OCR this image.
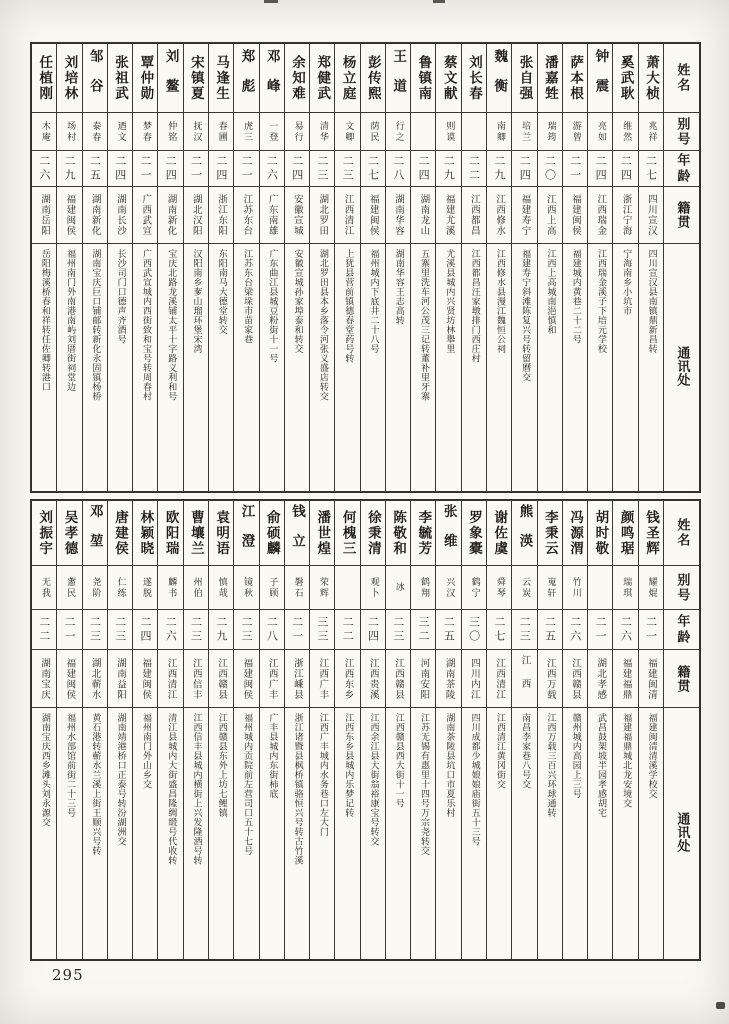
姓名
别号
年龄
籍贯
通讯处
萧大桢
兆祥
二七
四川宣汉
四川宣汉县南镇鼎新昌转
奚武耿
维然
二四
浙江宁海
宁海南乡小坑市
钟震
亮如
二四
江西瑞金
江西瑞金溪子下培元学校
萨本根
游曾
二一
福建闽侯
福建城内黄巷二十二号
潘嘉甡
瑞筠
二〇
江西上高
江西上高城南浥慎和
张自强
培兰
二四
福建寿宁
福建寿宁斜滩陈复兴号转留曆交
魏衡
南卿
二九
江西修水
江西修水县漫江魏恒公祠
刘长春
二二
江西都昌
江西都昌汪家墩排门西庄村
蔡文献
则谟
二九
福建尤溪
尤溪县城内兴贤坊林舉里
鲁镇南
二四
湖南龙山
五寨里洗车河公茂三记转董补里牙寨
王道
行之
二八
湖南华容
湖南华容王志高转
彭传熙
荫民
二七
福建闽侯
福州城内下底井二十八号
杨立庭
文卿
二三
江西清江
上犹县营前镇德春堂药号转
郑健武
清华
二三
湖北罗田
湖北罗田县本乡落令河张义盛店转交
余知难
易行
二四
安徽宣城
安徽宣城孙家埠泰和转交
邓峰
一登
二六
广东南雄
广东曲江县城豆粉街十一号
郑彪
虎三
二一
江苏东台
江苏东台梁垛市苗家巷
马逢生
春圃
二四
浙江东阳
东阳南马大德堂转交
宋镇夏
抚汉
二一
湖北汉阳
汉阳南乡奓山瑠环堡宋湾
刘鳌
仲铭
二四
湖南新化
宝庆北路龙溪铺太平十字路义利和号
覃仲勋
梦春
二一
广西武宣
广西武宣城内西街致和宝号转周春村
张祖武
迺文
二四
湖南长沙
长沙司门口德声齐酒号
邹谷
泰春
二五
湖南新化
湖南宝庆巨口铺邮转新化永固镇杨桥
刘培林
场村
二九
福建闽侯
福州南门外南港南屿刘厝街祠堂边
任植刚
木庵
二六
湖南岳阳
岳阳梅溪桥春和祥转任佐卿转港口
姓名
别号
年龄
籍贯
通讯处
钱圣辉
耀焜
二一
福建闽清
福建闽清清溪学校交
颜鸣琚
瑞琪
二六
福建福鼎
福建福鼎城北龙安境交
胡时敬
二一
湖北孝感
武昌鼓架坡半园孝感胡宅
冯源渭
竹川
二六
江西赣县
赣州城内高园上三号
李秉云
嵬轩
二五
江西万载
江西万载三百兴环球通转
熊渶
云炭
二三
江西
南昌李家巷八号交
谢佐虞
舜琴
二七
江西清江
江西清江黄冈街交
罗象橐
鹤宁
三〇
四川内江
四川成都少城娘娘庙街五十三号
张维
兴汉
二五
湖南茶陵
湖南茶陵县坑口市夏乐村
李毓芳
鹤翔
三二
河南安阳
江苏无锡有惠里十四号万宗尧转交
陈敬和
冰
二三
江西赣县
江西赣县西大街十一号
徐秉清
观卜
二四
江西贵溪
江西余江县大街翁裕康宝号转交
何槐三
二二
江西东乡
江西东乡县城内乐梦记转
潘世煌
荣辉
三三
江西广丰
江西广丰城内水务巷口左大门
钱立
磐石
二一
浙江嵊县
浙江诸暨县枫桥镇骆恒兴号转古竹溪
俞硕麟
子顾
二八
江西广丰
广丰县城内东街柿底
江澄
镜秋
二三
福建闽侯
福州城内贡院前左营司口五十七号
袁明语
慎哉
二九
江西赣县
江西赣县东外上坊七鲤镇
曹壤兰
州伯
二三
江西信丰
江西信丰县城内横街上兴发隆酒号转
欧阳瑞
麟书
二六
江西清江
清江县城内大街盛昌隆绸缎号代收转
林颖晓
遂脱
二四
福建闽侯
福州南门外山乡交
唐建侯
仁练
二三
湖南益阳
湖南靖港桥口正泰号转汾湖洲交
邓堃
尧阶
二三
湖北蕲水
黄石港转蕲水兰溪上街王顺兴号转
吴孝德
藼民
二一
福建闽侯
福州水部馆前街二十三号
刘振宇
无我
二二
湖南宝庆
湖南宝庆西乡滩头刘永源交
295
